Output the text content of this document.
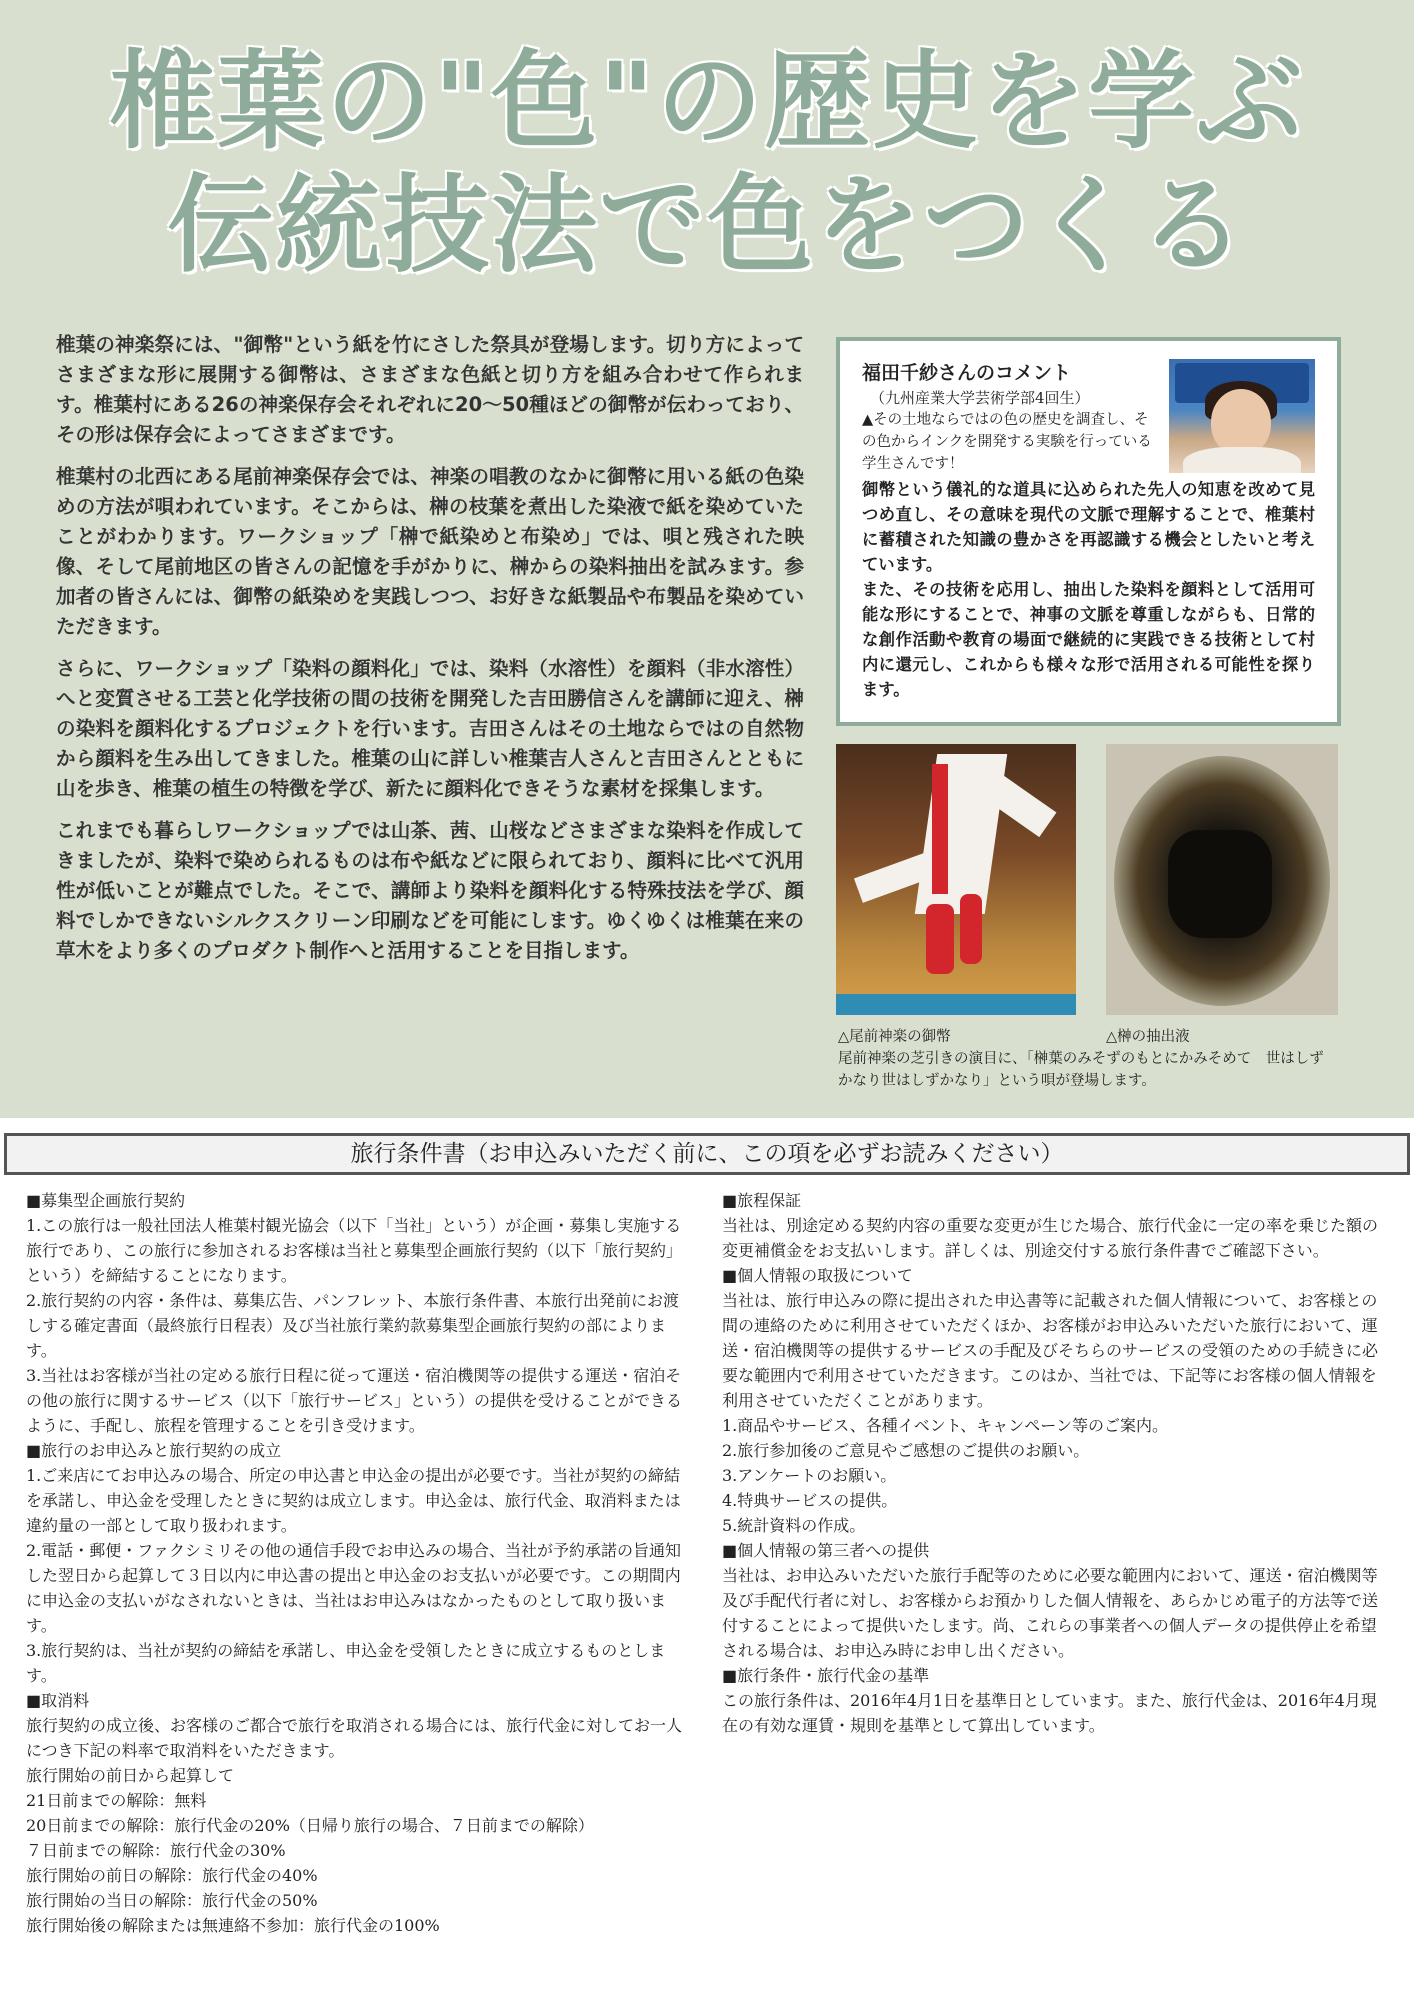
椎葉の"色"の歴史を学ぶ
伝統技法で色をつくる

椎葉の神楽祭には、"御幣"という紙を竹にさした祭具が登場します。切り方によってさまざまな形に展開する御幣は、さまざまな色紙と切り方を組み合わせて作られます。椎葉村にある26の神楽保存会それぞれに20～50種ほどの御幣が伝わっており、その形は保存会によってさまざまです。

椎葉村の北西にある尾前神楽保存会では、神楽の唱教のなかに御幣に用いる紙の色染めの方法が唄われています。そこからは、榊の枝葉を煮出した染液で紙を染めていたことがわかります。ワークショップ「榊で紙染めと布染め」では、唄と残された映像、そして尾前地区の皆さんの記憶を手がかりに、榊からの染料抽出を試みます。参加者の皆さんには、御幣の紙染めを実践しつつ、お好きな紙製品や布製品を染めていただきます。

さらに、ワークショップ「染料の顔料化」では、染料（水溶性）を顔料（非水溶性）へと変質させる工芸と化学技術の間の技術を開発した吉田勝信さんを講師に迎え、榊の染料を顔料化するプロジェクトを行います。吉田さんはその土地ならではの自然物から顔料を生み出してきました。椎葉の山に詳しい椎葉吉人さんと吉田さんとともに山を歩き、椎葉の植生の特徴を学び、新たに顔料化できそうな素材を採集します。

これまでも暮らしワークショップでは山茶、茜、山桜などさまざまな染料を作成してきましたが、染料で染められるものは布や紙などに限られており、顔料に比べて汎用性が低いことが難点でした。そこで、講師より染料を顔料化する特殊技法を学び、顔料でしかできないシルクスクリーン印刷などを可能にします。ゆくゆくは椎葉在来の草木をより多くのプロダクト制作へと活用することを目指します。

福田千紗さんのコメント
（九州産業大学芸術学部4回生）
▲その土地ならではの色の歴史を調査し、その色からインクを開発する実験を行っている学生さんです！
御幣という儀礼的な道具に込められた先人の知恵を改めて見つめ直し、その意味を現代の文脈で理解することで、椎葉村に蓄積された知識の豊かさを再認識する機会としたいと考えています。
また、その技術を応用し、抽出した染料を顔料として活用可能な形にすることで、神事の文脈を尊重しながらも、日常的な創作活動や教育の場面で継続的に実践できる技術として村内に還元し、これからも様々な形で活用される可能性を探ります。
△尾前神楽の御幣	△榊の抽出液
尾前神楽の芝引きの演目に、「榊葉のみそずのもとにかみそめて　世はしずかなり世はしずかなり」という唄が登場します。
旅行条件書（お申込みいただく前に、この項を必ずお読みください）
■募集型企画旅行契約
1.この旅行は一般社団法人椎葉村観光協会（以下「当社」という）が企画・募集し実施する旅行であり、この旅行に参加されるお客様は当社と募集型企画旅行契約（以下「旅行契約」という）を締結することになります。
2.旅行契約の内容・条件は、募集広告、パンフレット、本旅行条件書、本旅行出発前にお渡しする確定書面（最終旅行日程表）及び当社旅行業約款募集型企画旅行契約の部によります。
3.当社はお客様が当社の定める旅行日程に従って運送・宿泊機関等の提供する運送・宿泊その他の旅行に関するサービス（以下「旅行サービス」という）の提供を受けることができるように、手配し、旅程を管理することを引き受けます。
■旅行のお申込みと旅行契約の成立
1.ご来店にてお申込みの場合、所定の申込書と申込金の提出が必要です。当社が契約の締結を承諾し、申込金を受理したときに契約は成立します。申込金は、旅行代金、取消料または違約量の一部として取り扱われます。
2.電話・郵便・ファクシミリその他の通信手段でお申込みの場合、当社が予約承諾の旨通知した翌日から起算して３日以内に申込書の提出と申込金のお支払いが必要です。この期間内に申込金の支払いがなされないときは、当社はお申込みはなかったものとして取り扱います。
3.旅行契約は、当社が契約の締結を承諾し、申込金を受領したときに成立するものとします。
■取消料
旅行契約の成立後、お客様のご都合で旅行を取消される場合には、旅行代金に対してお一人につき下記の料率で取消料をいただきます。
旅行開始の前日から起算して
21日前までの解除：無料
20日前までの解除：旅行代金の20%（日帰り旅行の場合、７日前までの解除）
７日前までの解除：旅行代金の30%
旅行開始の前日の解除：旅行代金の40%
旅行開始の当日の解除：旅行代金の50%
旅行開始後の解除または無連絡不参加：旅行代金の100%
■旅程保証
当社は、別途定める契約内容の重要な変更が生じた場合、旅行代金に一定の率を乗じた額の変更補償金をお支払いします。詳しくは、別途交付する旅行条件書でご確認下さい。
■個人情報の取扱について
当社は、旅行申込みの際に提出された申込書等に記載された個人情報について、お客様との間の連絡のために利用させていただくほか、お客様がお申込みいただいた旅行において、運送・宿泊機関等の提供するサービスの手配及びそちらのサービスの受領のための手続きに必要な範囲内で利用させていただきます。このはか、当社では、下記等にお客様の個人情報を利用させていただくことがあります。
1.商品やサービス、各種イベント、キャンペーン等のご案内。
2.旅行参加後のご意見やご感想のご提供のお願い。
3.アンケートのお願い。
4.特典サービスの提供。
5.統計資料の作成。
■個人情報の第三者への提供
当社は、お申込みいただいた旅行手配等のために必要な範囲内において、運送・宿泊機関等及び手配代行者に対し、お客様からお預かりした個人情報を、あらかじめ電子的方法等で送付することによって提供いたします。尚、これらの事業者への個人データの提供停止を希望される場合は、お申込み時にお申し出ください。
■旅行条件・旅行代金の基準
この旅行条件は、2016年4月1日を基準日としています。また、旅行代金は、2016年4月現在の有効な運賃・規則を基準として算出しています。
